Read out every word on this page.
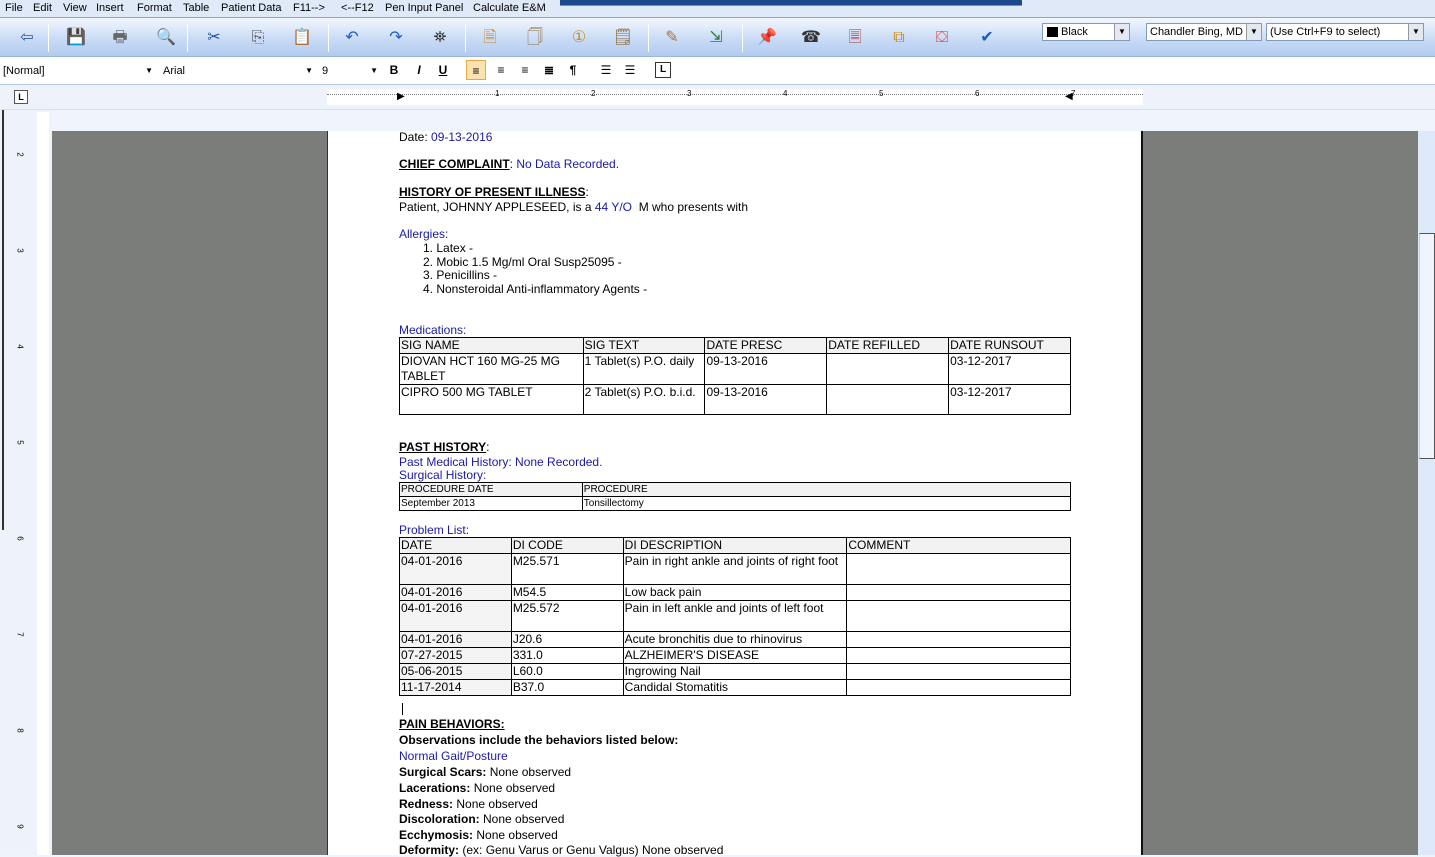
File Edit View Insert Format Table Patient Data F11--> <--F12 Pen Input Panel Calculate E&M
⇦	💾 🖶 🔍	✂	⎘	📋	↶	↷	⛯	🗎	🗍	①	🗒	✎	⇲	📌 ☎	🗏	⧉	⛋	✔	Black	▼	Chandler Bing, MD ▼	(Use Ctrl+F9 to select)	▼
[Normal]	▼ Arial	▼ 9	▼ B	I	U	≡	≡	≡	≣	¶	☰	☰	L
L	▶	◀
1	2	3	4	5	6	7
Date: 09-13-2016
CHIEF COMPLAINT: No Data Recorded.
HISTORY OF PRESENT ILLNESS:
Patient, JOHNNY APPLESEED, is a 44 Y/O M who presents with
Allergies:
Medications:
SIG NAME	SIG TEXT	DATE PRESC	DATE REFILLED	DATE RUNSOUT
DIOVAN HCT 160 MG-25 MG TABLET	1 Tablet(s) P.O. daily	09-13-2016		03-12-2017
CIPRO 500 MG TABLET	2 Tablet(s) P.O. b.i.d.	09-13-2016		03-12-2017
PAST HISTORY:
Past Medical History: None Recorded.
Surgical History:
PROCEDURE DATE	PROCEDURE
September 2013	Tonsillectomy
Problem List:
DATE	DI CODE	DI DESCRIPTION	COMMENT
04-01-2016	M25.571	Pain in right ankle and joints of right foot	
04-01-2016	M54.5	Low back pain	
04-01-2016	M25.572	Pain in left ankle and joints of left foot	
04-01-2016	J20.6	Acute bronchitis due to rhinovirus	
07-27-2015	331.0	ALZHEIMER'S DISEASE	
05-06-2015	L60.0	Ingrowing Nail	
11-17-2014	B37.0	Candidal Stomatitis	
PAIN BEHAVIORS:
Observations include the behaviors listed below:
Normal Gait/Posture
2
3
4
5
6
7
8
9
1. Latex -
2. Mobic 1.5 Mg/ml Oral Susp25095 -
3. Penicillins -
4. Nonsteroidal Anti-inflammatory Agents -
Surgical Scars: None observed
Lacerations: None observed
Redness: None observed
Discoloration: None observed
Ecchymosis: None observed
Deformity: (ex: Genu Varus or Genu Valgus) None observed
